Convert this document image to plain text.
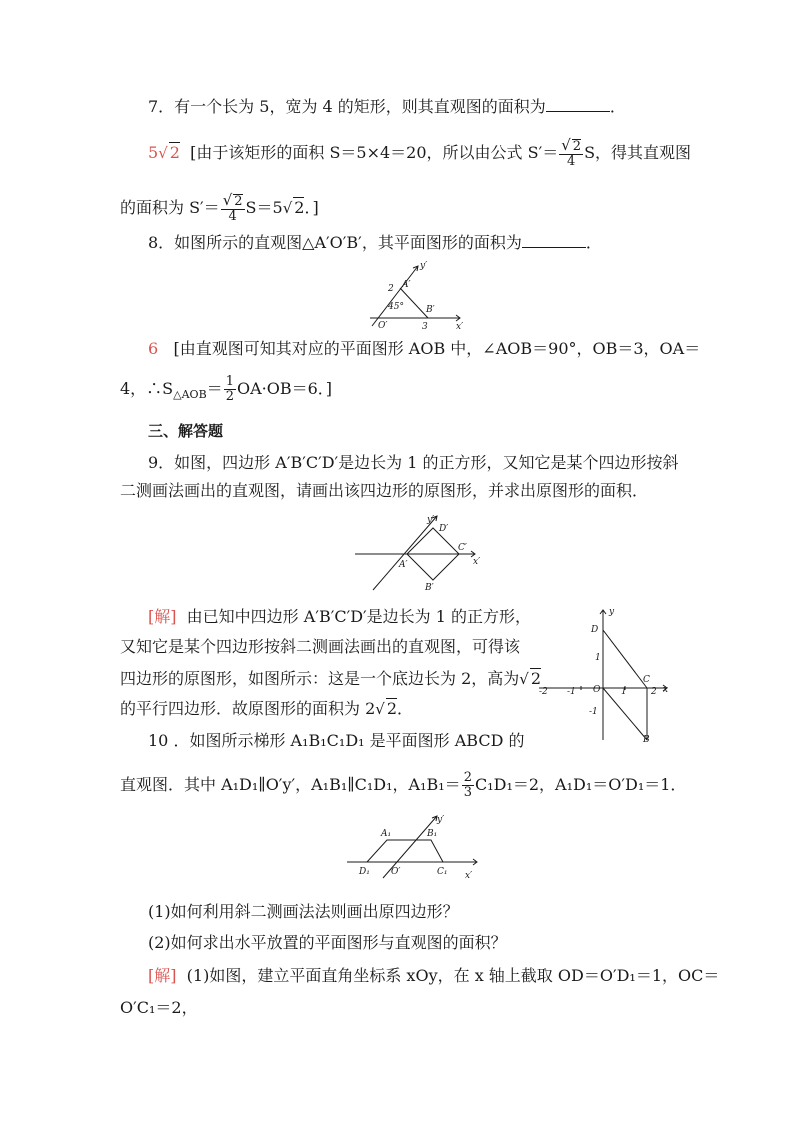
7．有一个长为 5，宽为 4 的矩形，则其直观图的面积为	．
5√ 2 [由于该矩形的面积 S＝5×4＝20，所以由公式 $S'= \frac{√ 2}{4}$ S，得其直观图
的面积为 $S'= \frac{√ 2}{4} S=5√$ 2．]
8．如图所示的直观图△A′O′B′，其平面图形的面积为	．
y′
x′
A′
B′
O′
2
3
45°
6 [由直观图可知其对应的平面图形 AOB 中，∠AOB＝90°，OB＝3，OA＝
4，$\therefore S_{\triangle AOB}= \frac{1}{2} OA\cdot OB=6$．]
三、解答题
9．如图，四边形 A′B′C′D′是边长为 1 的正方形，又知它是某个四边形按斜
二测画法画出的直观图，请画出该四边形的原图形，并求出原图形的面积．
y′
x′
A′
B′
C′
D′
[解] 由已知中四边形 A′B′C′D′是边长为 1 的正方形，
又知它是某个四边形按斜二测画法画出的直观图，可得该
四边形的原图形，如图所示：这是一个底边长为 2，高为√ 2
的平行四边形．故原图形的面积为 2√ 2．
y
x
D
C
O
B
1
-1
1	2
-1
-2
10 ．如图所示梯形 A₁B₁C₁D₁ 是平面图形 ABCD 的
直观图．其中 A₁D₁∥O′y′，A₁B₁∥C₁D₁，$A_1B_1= \frac{2}{3} C_1D_1=2$，A₁D₁＝O′D₁＝1．
y′
x′
A₁	B₁
C₁
D₁ O′
(1)如何利用斜二测画法法则画出原四边形？
(2)如何求出水平放置的平面图形与直观图的面积？
[解] (1)如图，建立平面直角坐标系 xOy，在 x 轴上截取 OD＝O′D₁＝1，OC＝
O′C₁＝2，
